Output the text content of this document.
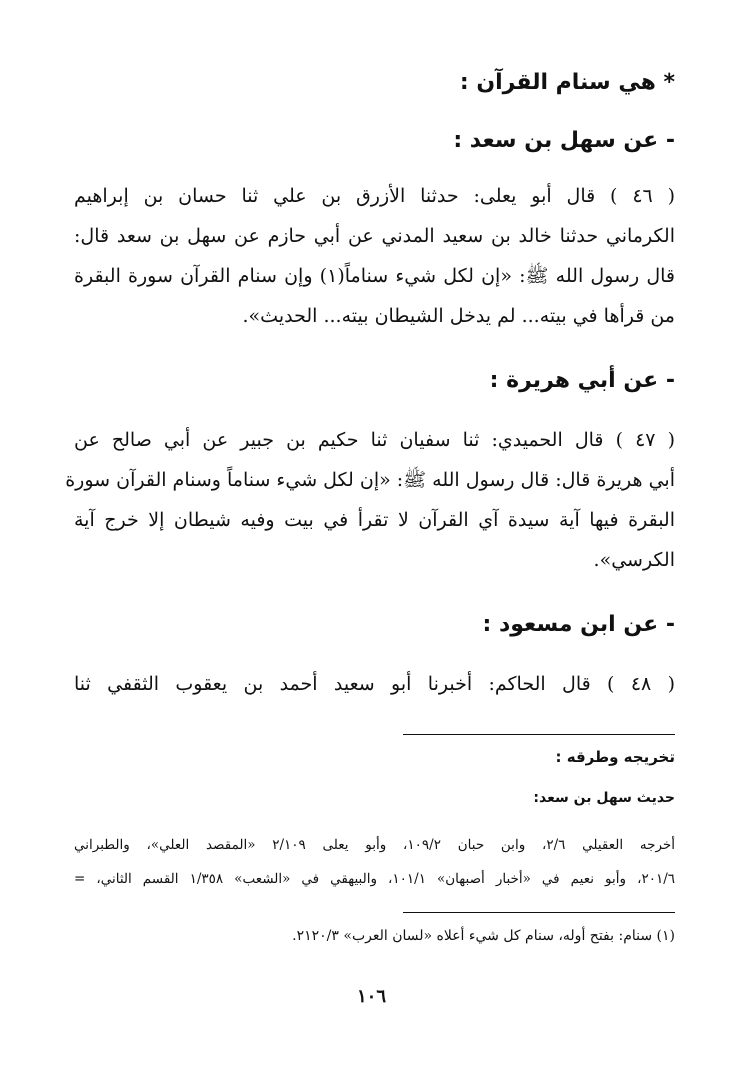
* هي سنام القرآن :
- عن سهل بن سعد :

( ٤٦ ) قال أبو يعلى: حدثنا الأزرق بن علي ثنا حسان بن إبراهيم

الكرماني حدثنا خالد بن سعيد المدني عن أبي حازم عن سهل بن سعد قال:

قال رسول الله ﷺ: «إن لكل شيء سناماً(١) وإن سنام القرآن سورة البقرة

من قرأها في بيته... لم يدخل الشيطان بيته... الحديث».

- عن أبي هريرة :

( ٤٧ ) قال الحميدي: ثنا سفيان ثنا حكيم بن جبير عن أبي صالح عن

أبي هريرة قال: قال رسول الله ﷺ: «إن لكل شيء سناماً وسنام القرآن سورة

البقرة فيها آية سيدة آي القرآن لا تقرأ في بيت وفيه شيطان إلا خرج آية

الكرسي».

- عن ابن مسعود :

( ٤٨ ) قال الحاكم: أخبرنا أبو سعيد أحمد بن يعقوب الثقفي ثنا

تخريجه وطرقه :
حديث سهل بن سعد:

أخرجه العقيلي ٢/٦، وابن حبان ١٠٩/٢، وأبو يعلى ٢/١٠٩ «المقصد العلي»، والطبراني

٢٠١/٦، وأبو نعيم في «أخبار أصبهان» ١٠١/١، والبيهقي في «الشعب» ١/٣٥٨ القسم الثاني، =

(١) سنام: بفتح أوله، سنام كل شيء أعلاه «لسان العرب» ٢١٢٠/٣.
١٠٦
